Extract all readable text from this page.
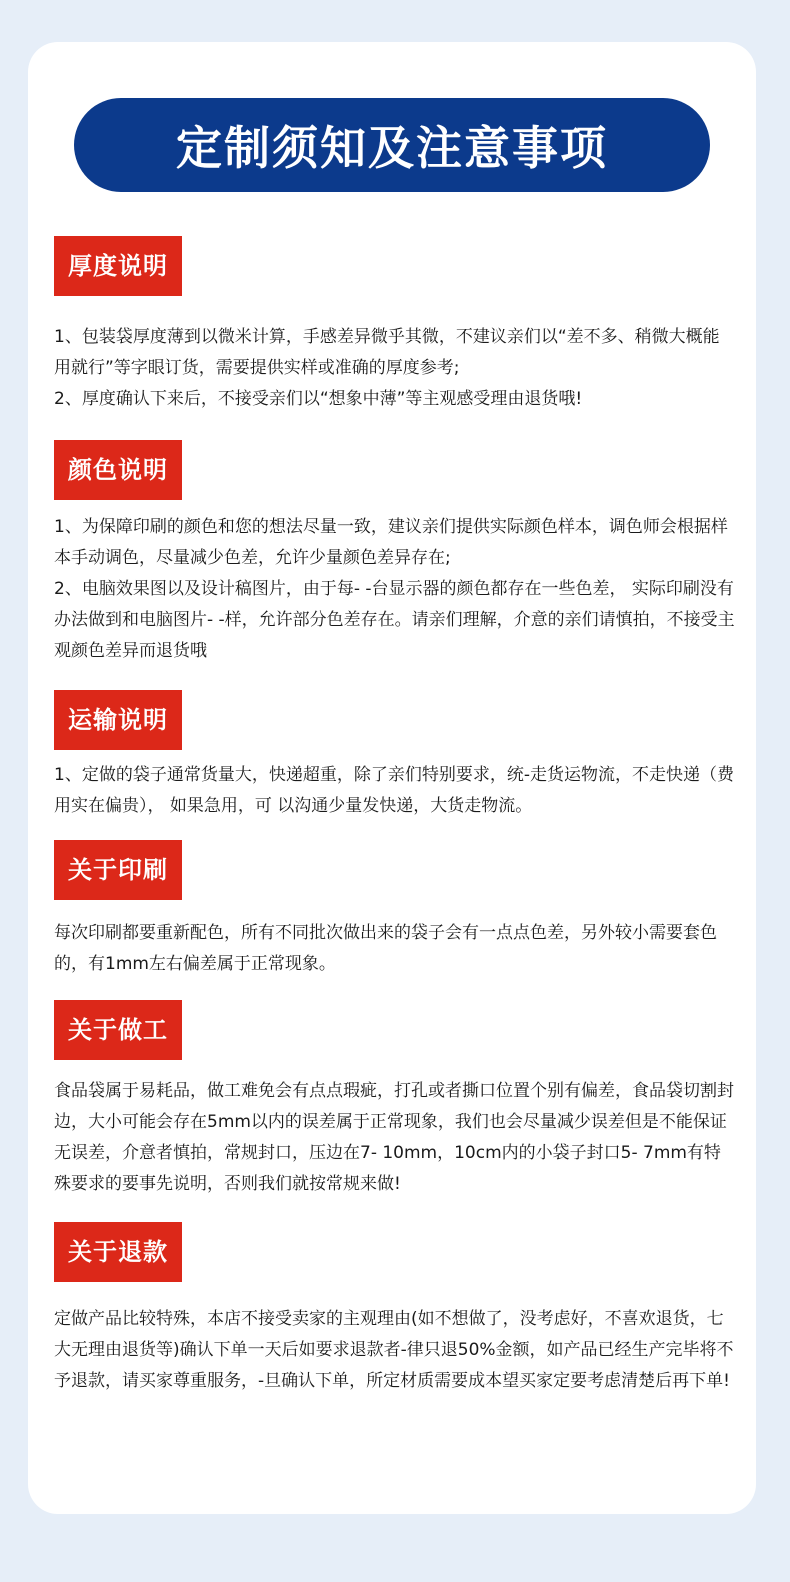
定制须知及注意事项
厚度说明

1、包装袋厚度薄到以微米计算，手感差异微乎其微，不建议亲们以“差不多、稍微大概能用就行”等字眼订货，需要提供实样或准确的厚度参考;

2、厚度确认下来后，不接受亲们以“想象中薄”等主观感受理由退货哦!

颜色说明

1、为保障印刷的颜色和您的想法尽量一致，建议亲们提供实际颜色样本，调色师会根据样本手动调色，尽量减少色差，允许少量颜色差异存在;

2、电脑效果图以及设计稿图片，由于每- -台显示器的颜色都存在一些色差， 实际印刷没有办法做到和电脑图片- -样，允许部分色差存在。请亲们理解，介意的亲们请慎拍，不接受主观颜色差异而退货哦

运输说明

1、定做的袋子通常货量大，快递超重，除了亲们特别要求，统-走货运物流，不走快递（费用实在偏贵）， 如果急用，可 以沟通少量发快递，大货走物流。

关于印刷

每次印刷都要重新配色，所有不同批次做出来的袋子会有一点点色差，另外较小需要套色的，有1mm左右偏差属于正常现象。

关于做工

食品袋属于易耗品，做工难免会有点点瑕疵，打孔或者撕口位置个别有偏差，食品袋切割封边，大小可能会存在5mm以内的误差属于正常现象，我们也会尽量减少误差但是不能保证无误差，介意者慎拍，常规封口，压边在7- 10mm，10cm内的小袋子封口5- 7mm有特殊要求的要事先说明，否则我们就按常规来做!

关于退款

定做产品比较特殊，本店不接受卖家的主观理由(如不想做了，没考虑好，不喜欢退货，七大无理由退货等)确认下单一天后如要求退款者-律只退50%金额，如产品已经生产完毕将不予退款，请买家尊重服务，-旦确认下单，所定材质需要成本望买家定要考虑清楚后再下单!
